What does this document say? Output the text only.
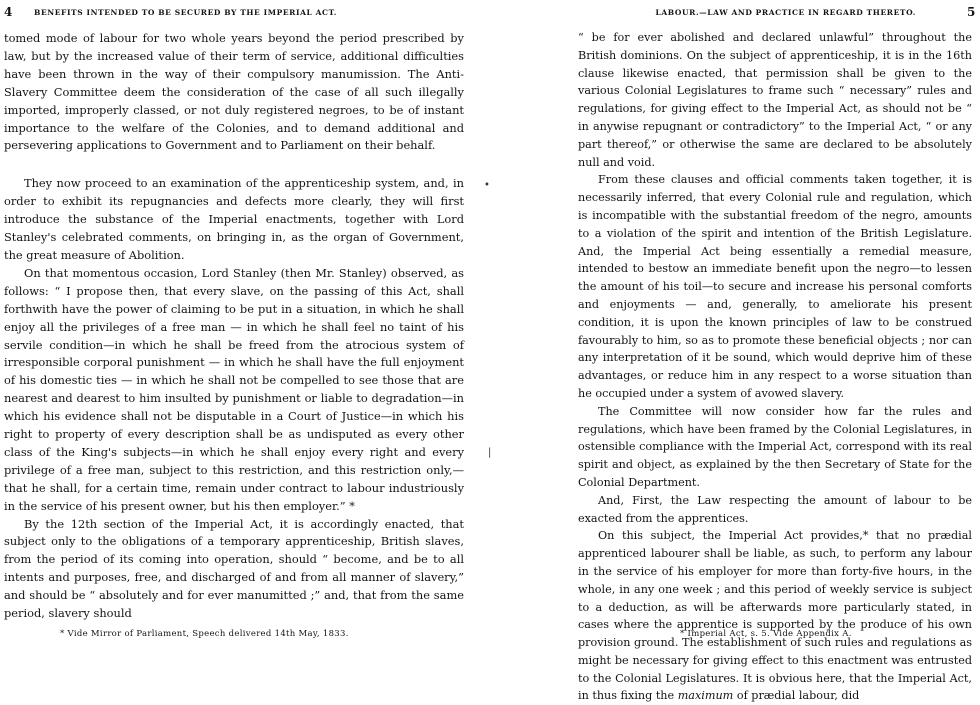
4	BENEFITS INTENDED TO BE SECURED BY THE IMPERIAL ACT.

tomed mode of labour for two whole years beyond the period prescribed by law, but by the increased value of their term of service, additional difficulties have been thrown in the way of their compulsory manumission. The Anti-Slavery Committee deem the consideration of the case of all such illegally imported, improperly classed, or not duly registered negroes, to be of instant importance to the welfare of the Colonies, and to demand additional and persevering applications to Government and to Parliament on their behalf.

They now proceed to an examination of the apprenticeship system, and, in order to exhibit its repugnancies and defects more clearly, they will first introduce the substance of the Imperial enactments, together with Lord Stanley's celebrated comments, on bringing in, as the organ of Government, the great measure of Abolition.

On that momentous occasion, Lord Stanley (then Mr. Stanley) observed, as follows: “ I propose then, that every slave, on the passing of this Act, shall forthwith have the power of claiming to be put in a situation, in which he shall enjoy all the privileges of a free man — in which he shall feel no taint of his servile condition—in which he shall be freed from the atrocious system of irresponsible corporal punishment — in which he shall have the full enjoyment of his domestic ties — in which he shall not be compelled to see those that are nearest and dearest to him insulted by punishment or liable to degradation—in which his evidence shall not be disputable in a Court of Justice—in which his right to property of every description shall be as undisputed as every other class of the King's subjects—in which he shall enjoy every right and every privilege of a free man, subject to this restriction, and this restriction only,—that he shall, for a certain time, remain under contract to labour industriously in the service of his present owner, but his then employer.” *

By the 12th section of the Imperial Act, it is accordingly enacted, that subject only to the obligations of a temporary apprenticeship, British slaves, from the period of its coming into operation, should “ become, and be to all intents and purposes, free, and discharged of and from all manner of slavery,” and should be “ absolutely and for ever manumitted ;” and, that from the same period, slavery should

* Vide Mirror of Parliament, Speech delivered 14th May, 1833.
•
|
LABOUR.—LAW AND PRACTICE IN REGARD THERETO.	5

“ be for ever abolished and declared unlawful” throughout the British dominions. On the subject of apprenticeship, it is in the 16th clause likewise enacted, that permission shall be given to the various Colonial Legislatures to frame such “ necessary” rules and regulations, for giving effect to the Imperial Act, as should not be “ in anywise repugnant or contradictory” to the Imperial Act, “ or any part thereof,” or otherwise the same are declared to be absolutely null and void.

From these clauses and official comments taken together, it is necessarily inferred, that every Colonial rule and regulation, which is incompatible with the substantial freedom of the negro, amounts to a violation of the spirit and intention of the British Legislature. And, the Imperial Act being essentially a remedial measure, intended to bestow an immediate benefit upon the negro—to lessen the amount of his toil—to secure and increase his personal comforts and enjoyments — and, generally, to ameliorate his present condition, it is upon the known principles of law to be construed favourably to him, so as to promote these beneficial objects ; nor can any interpretation of it be sound, which would deprive him of these advantages, or reduce him in any respect to a worse situation than he occupied under a system of avowed slavery.

The Committee will now consider how far the rules and regulations, which have been framed by the Colonial Legislatures, in ostensible compliance with the Imperial Act, correspond with its real spirit and object, as explained by the then Secretary of State for the Colonial Department.

And, First, the Law respecting the amount of labour to be exacted from the apprentices.

On this subject, the Imperial Act provides,* that no prædial apprenticed labourer shall be liable, as such, to perform any labour in the service of his employer for more than forty-five hours, in the whole, in any one week ; and this period of weekly service is subject to a deduction, as will be afterwards more particularly stated, in cases where the apprentice is supported by the produce of his own provision ground. The establishment of such rules and regulations as might be necessary for giving effect to this enactment was entrusted to the Colonial Legislatures. It is obvious here, that the Imperial Act, in thus fixing the maximum of prædial labour, did

* Imperial Act, s. 5. Vide Appendix A.
